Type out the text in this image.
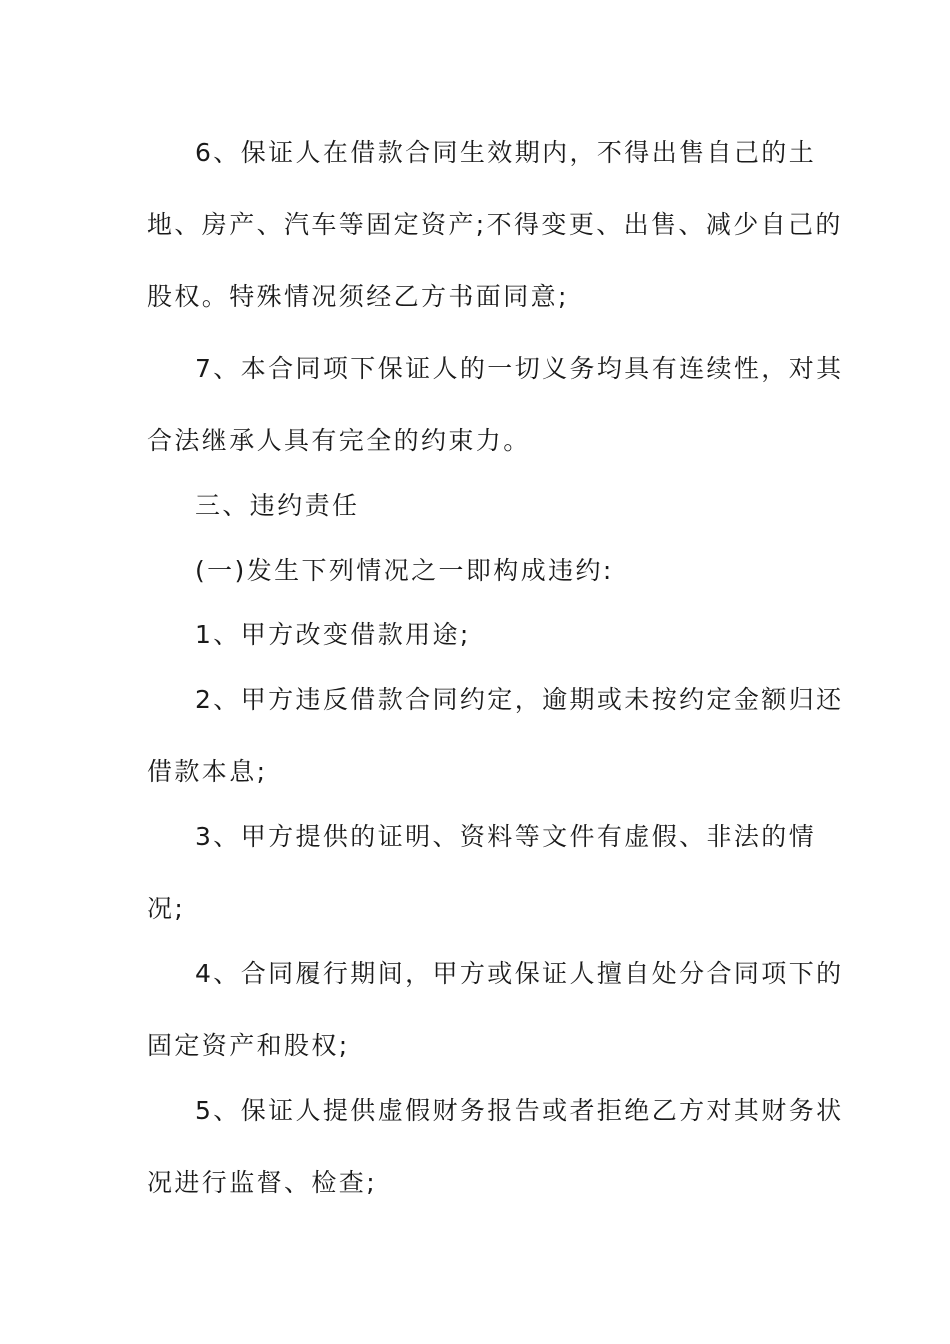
6、保证人在借款合同生效期内，不得出售自己的土
地、房产、汽车等固定资产;不得变更、出售、减少自己的
股权。特殊情况须经乙方书面同意;
7、本合同项下保证人的一切义务均具有连续性，对其
合法继承人具有完全的约束力。
三、违约责任
(一)发生下列情况之一即构成违约:
1、甲方改变借款用途;
2、甲方违反借款合同约定，逾期或未按约定金额归还
借款本息;
3、甲方提供的证明、资料等文件有虚假、非法的情
况;
4、合同履行期间，甲方或保证人擅自处分合同项下的
固定资产和股权;
5、保证人提供虚假财务报告或者拒绝乙方对其财务状
况进行监督、检查;
